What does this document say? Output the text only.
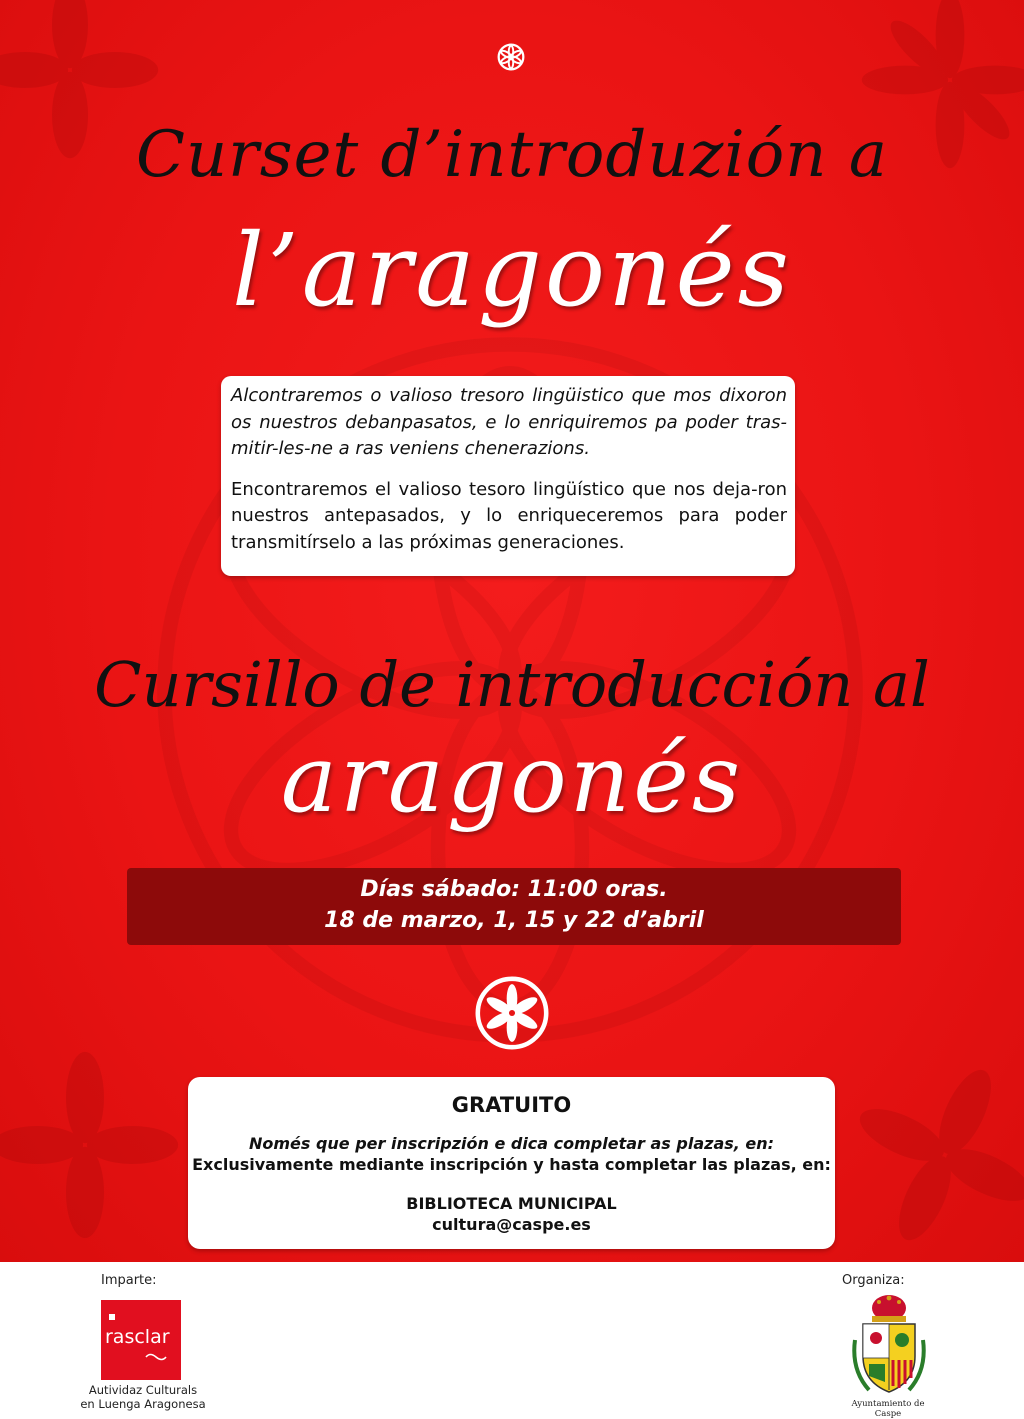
Curset d’introduzión a
l’aragonés

Alcontraremos o valioso tresoro lingüistico que mos dixoron os nuestros debanpasatos, e lo enriquiremos pa poder tras-mitir-les-ne a ras veniens chenerazions.

Encontraremos el valioso tesoro lingüístico que nos deja-ron nuestros antepasados, y lo enriqueceremos para poder transmitírselo a las próximas generaciones.

Cursillo de introducción al
aragonés
Días sábado: 11:00 oras.
18 de marzo, 1, 15 y 22 d’abril
GRATUITO
Només que per inscripzión e dica completar as plazas, en:
Exclusivamente mediante inscripción y hasta completar las plazas, en:
BIBLIOTECA MUNICIPAL
cultura@caspe.es
Imparte:	Organiza:
rasclar
Autividaz Culturals
en Luenga Aragonesa	Ayuntamiento de Caspe
